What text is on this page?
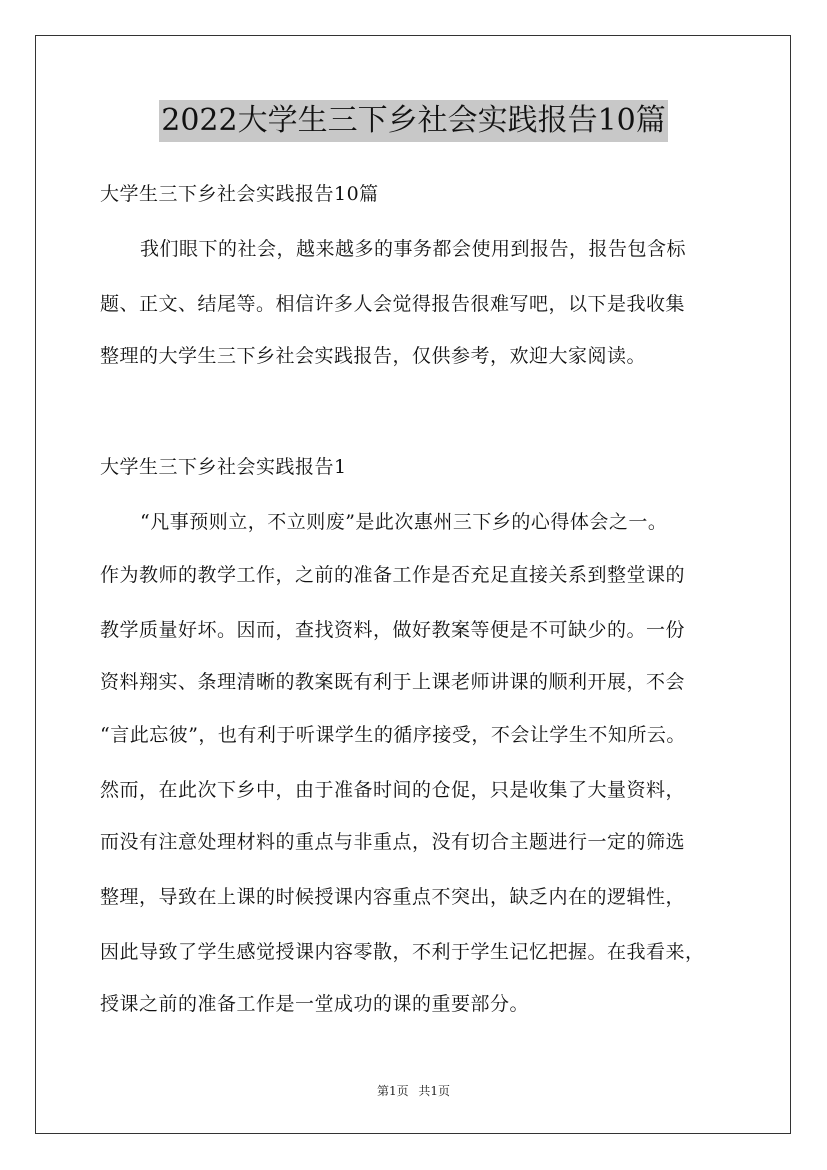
2022大学生三下乡社会实践报告10篇
大学生三下乡社会实践报告10篇
我们眼下的社会，越来越多的事务都会使用到报告，报告包含标
题、正文、结尾等。相信许多人会觉得报告很难写吧，以下是我收集
整理的大学生三下乡社会实践报告，仅供参考，欢迎大家阅读。
大学生三下乡社会实践报告1
“凡事预则立，不立则废”是此次惠州三下乡的心得体会之一。
作为教师的教学工作，之前的准备工作是否充足直接关系到整堂课的
教学质量好坏。因而，查找资料，做好教案等便是不可缺少的。一份
资料翔实、条理清晰的教案既有利于上课老师讲课的顺利开展，不会
“言此忘彼”，也有利于听课学生的循序接受，不会让学生不知所云。
然而，在此次下乡中，由于准备时间的仓促，只是收集了大量资料，
而没有注意处理材料的重点与非重点，没有切合主题进行一定的筛选
整理，导致在上课的时候授课内容重点不突出，缺乏内在的逻辑性，
因此导致了学生感觉授课内容零散，不利于学生记忆把握。在我看来，
授课之前的准备工作是一堂成功的课的重要部分。
第1页 共1页
